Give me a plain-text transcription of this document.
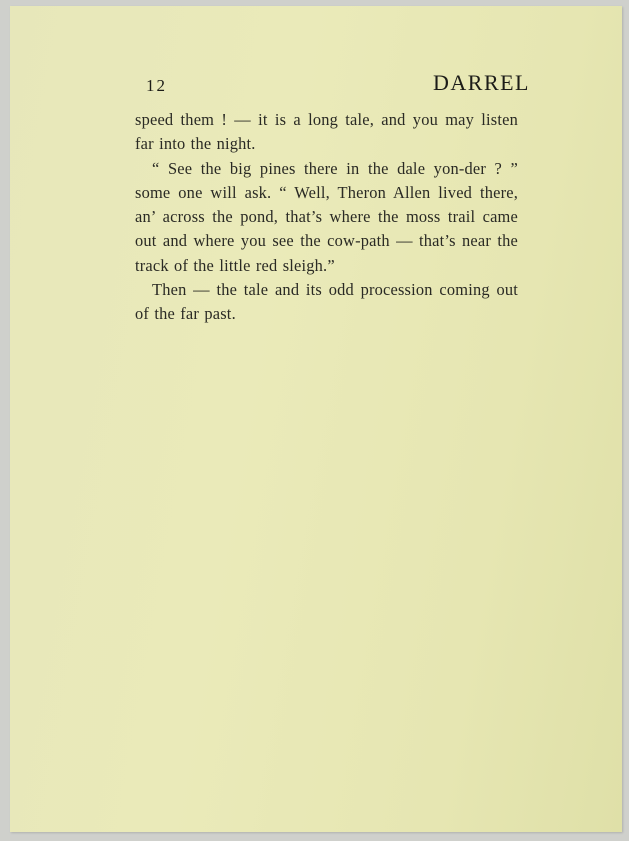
12	DARREL

speed them ! — it is a long tale, and you may listen far into the night.

“ See the big pines there in the dale yon-der ? ” some one will ask. “ Well, Theron Allen lived there, an’ across the pond, that’s where the moss trail came out and where you see the cow-path — that’s near the track of the little red sleigh.”

Then — the tale and its odd procession coming out of the far past.
